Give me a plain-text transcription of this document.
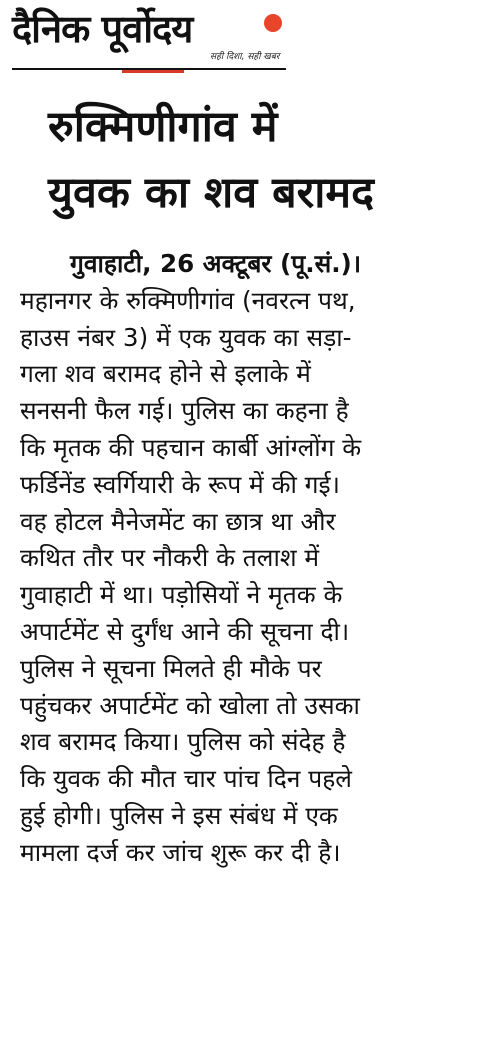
दैनिक पूर्वोदय
सही दिशा, सही खबर
रुक्मिणीगांव में
युवक का शव बरामद
गुवाहाटी, 26 अक्टूबर (पू.सं.)।
महानगर के रुक्मिणीगांव (नवरत्न पथ,
हाउस नंबर 3) में एक युवक का सड़ा-
गला शव बरामद होने से इलाके में
सनसनी फैल गई। पुलिस का कहना है
कि मृतक की पहचान कार्बी आंग्लोंग के
फर्डिनेंड स्वर्गियारी के रूप में की गई।
वह होटल मैनेजमेंट का छात्र था और
कथित तौर पर नौकरी के तलाश में
गुवाहाटी में था। पड़ोसियों ने मृतक के
अपार्टमेंट से दुर्गंध आने की सूचना दी।
पुलिस ने सूचना मिलते ही मौके पर
पहुंचकर अपार्टमेंट को खोला तो उसका
शव बरामद किया। पुलिस को संदेह है
कि युवक की मौत चार पांच दिन पहले
हुई होगी। पुलिस ने इस संबंध में एक
मामला दर्ज कर जांच शुरू कर दी है।
